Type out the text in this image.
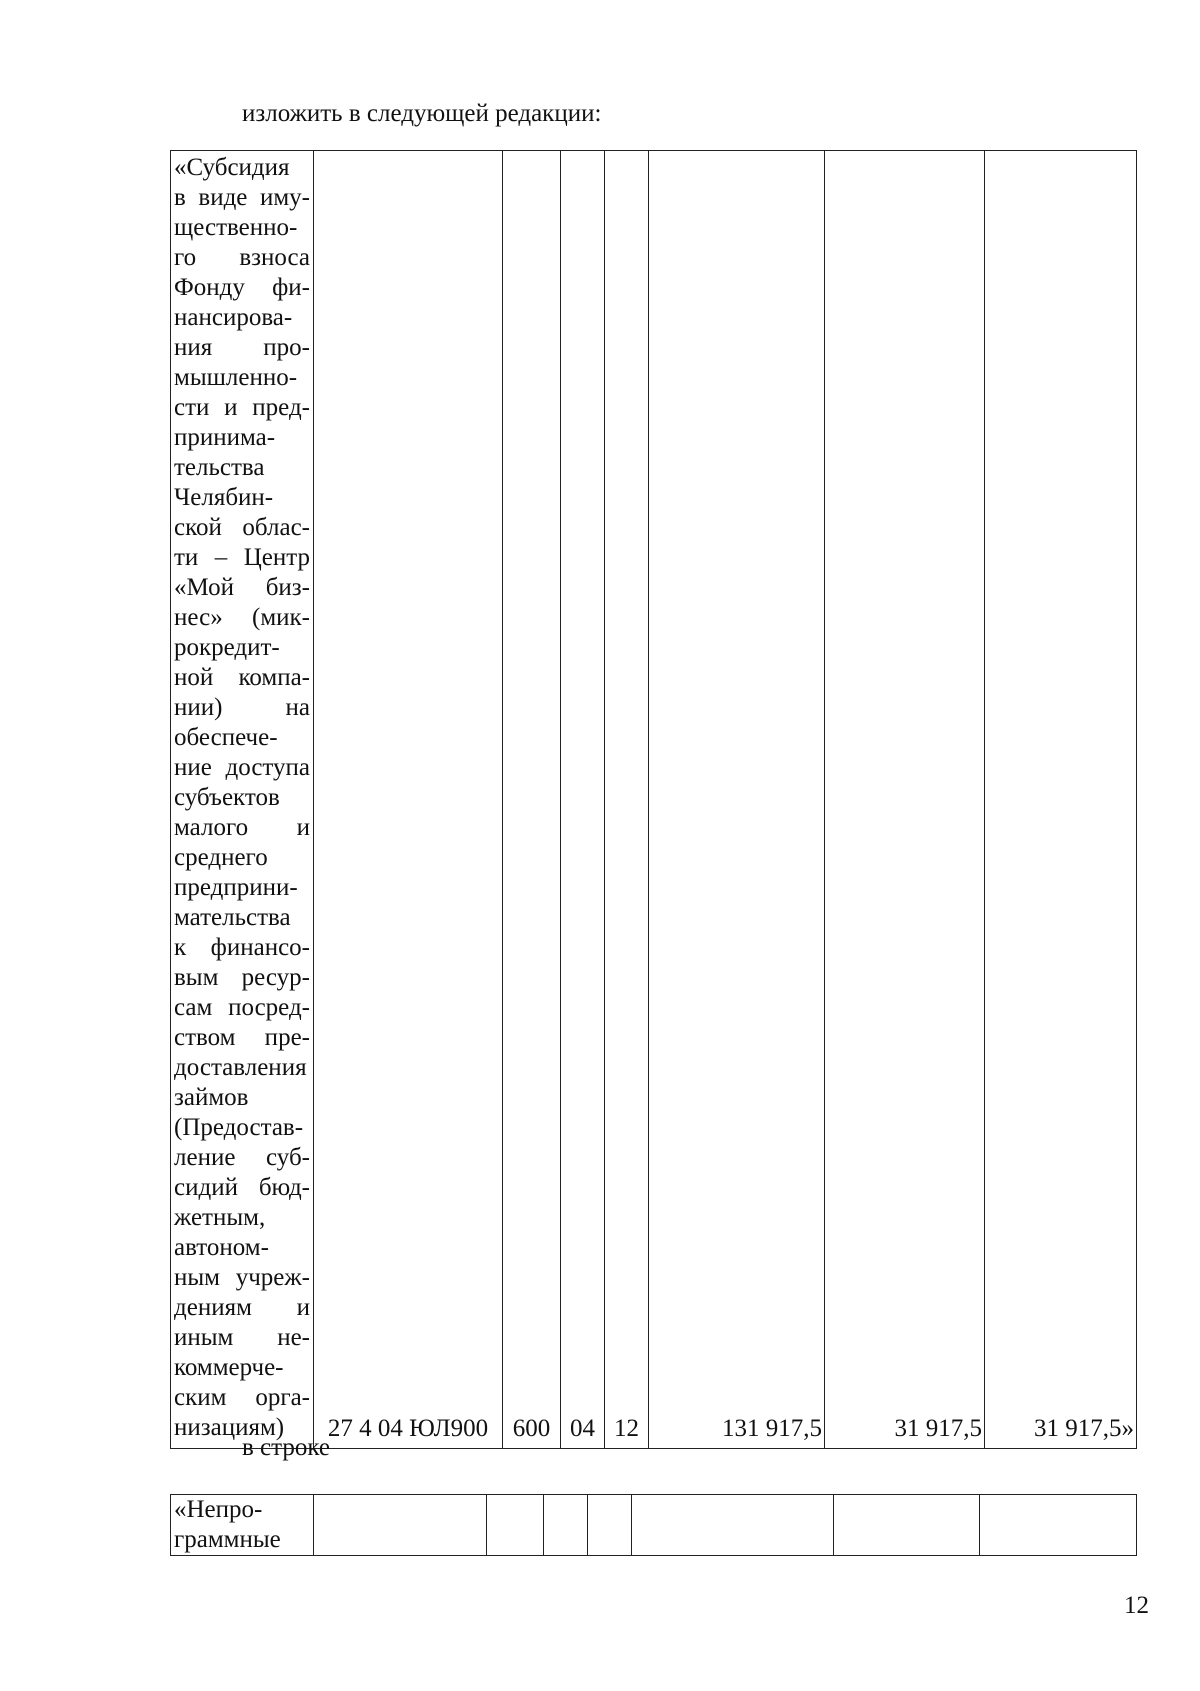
изложить в следующей редакции:
«Субсидия
в виде иму-
щественно-
го взноса
Фонду фи-
нансирова-
ния про-
мышленно-
сти и пред-
принима-
тельства
Челябин-
ской облас-
ти – Центр
«Мой биз-
нес» (мик-
рокредит-
ной компа-
нии) на
обеспече-
ние доступа
субъектов
малого и
среднего
предприни-
мательства
к финансо-
вым ресур-
сам посред-
ством пре-
доставления
займов
(Предостав-
ление суб-
сидий бюд-
жетным,
автоном-
ным учреж-
дениям и
иным не-
коммерче-
ским орга-
низациям)	27 4 04 ЮЛ900	600	04	12	131 917,5	31 917,5	31 917,5»
в строке
«Непро-
граммные

12
